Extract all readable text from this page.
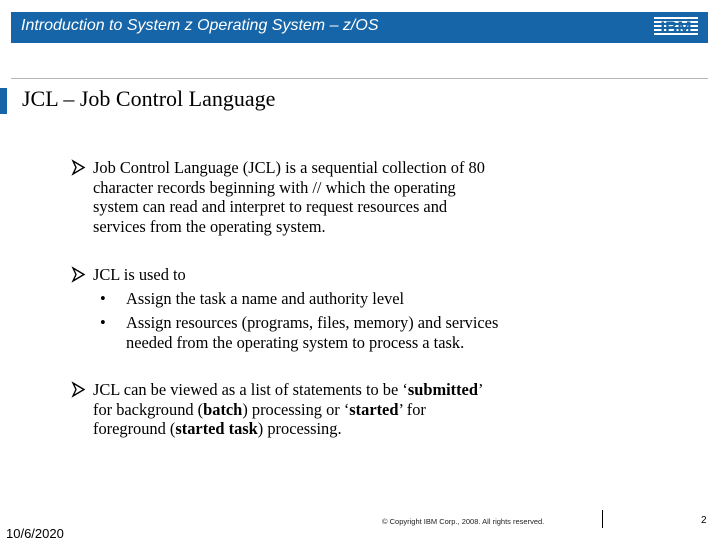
Introduction to System z Operating System – z/OS	IBM
JCL – Job Control Language
Job Control Language (JCL) is a sequential collection of 80
character records beginning with // which the operating
system can read and interpret to request resources and
services from the operating system.
JCL is used to
•	Assign the task a name and authority level
•	Assign resources (programs, files, memory) and services
needed from the operating system to process a task.
JCL can be viewed as a list of statements to be ‘submitted’
for background (batch) processing or ‘started’ for
foreground (started task) processing.
10/6/2020
© Copyright IBM Corp., 2008. All rights reserved.	2
